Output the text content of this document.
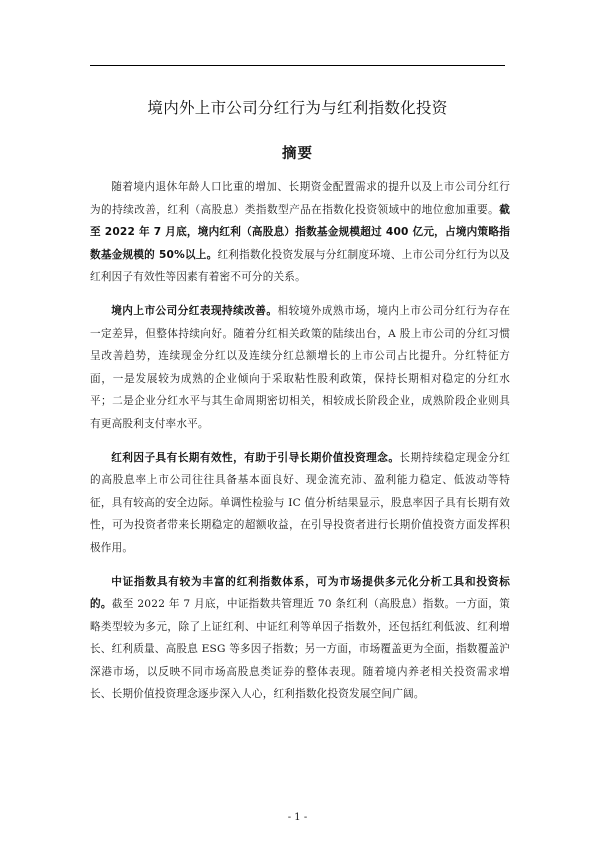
境内外上市公司分红行为与红利指数化投资
摘要

随着境内退休年龄人口比重的增加、长期资金配置需求的提升以及上市公司分红行为的持续改善，红利（高股息）类指数型产品在指数化投资领域中的地位愈加重要。截至 2022 年 7 月底，境内红利（高股息）指数基金规模超过 400 亿元，占境内策略指数基金规模的 50%以上。红利指数化投资发展与分红制度环境、上市公司分红行为以及红利因子有效性等因素有着密不可分的关系。

境内上市公司分红表现持续改善。相较境外成熟市场，境内上市公司分红行为存在一定差异，但整体持续向好。随着分红相关政策的陆续出台，A 股上市公司的分红习惯呈改善趋势，连续现金分红以及连续分红总额增长的上市公司占比提升。分红特征方面，一是发展较为成熟的企业倾向于采取粘性股利政策，保持长期相对稳定的分红水平；二是企业分红水平与其生命周期密切相关，相较成长阶段企业，成熟阶段企业则具有更高股利支付率水平。

红利因子具有长期有效性，有助于引导长期价值投资理念。长期持续稳定现金分红的高股息率上市公司往往具备基本面良好、现金流充沛、盈利能力稳定、低波动等特征，具有较高的安全边际。单调性检验与 IC 值分析结果显示，股息率因子具有长期有效性，可为投资者带来长期稳定的超额收益，在引导投资者进行长期价值投资方面发挥积极作用。

中证指数具有较为丰富的红利指数体系，可为市场提供多元化分析工具和投资标的。截至 2022 年 7 月底，中证指数共管理近 70 条红利（高股息）指数。一方面，策略类型较为多元，除了上证红利、中证红利等单因子指数外，还包括红利低波、红利增长、红利质量、高股息 ESG 等多因子指数；另一方面，市场覆盖更为全面，指数覆盖沪深港市场，以反映不同市场高股息类证券的整体表现。随着境内养老相关投资需求增长、长期价值投资理念逐步深入人心，红利指数化投资发展空间广阔。

- 1 -
